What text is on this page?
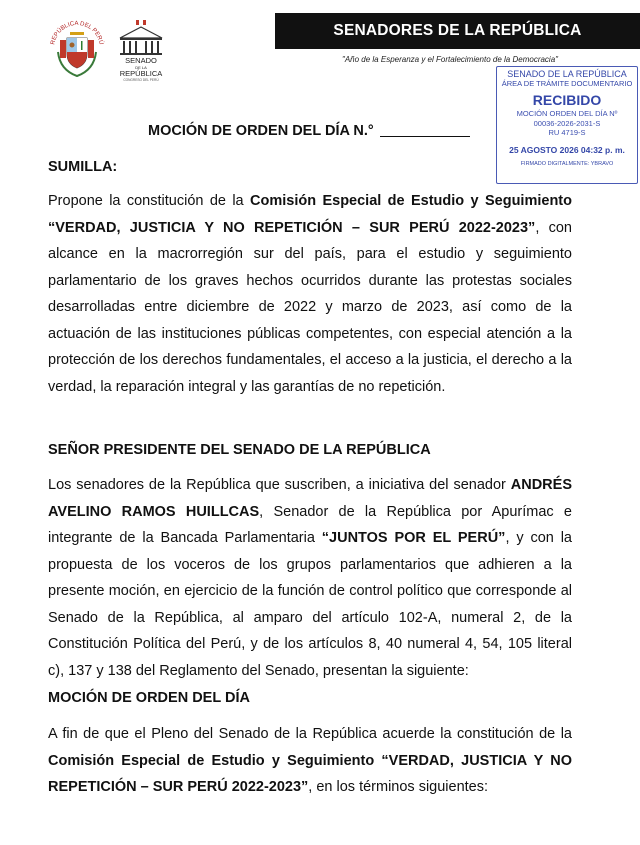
REPÚBLICA DEL PERÚ
SENADO
DE LA
REPÚBLICA
CONGRESO DEL PERÚ
SENADORES DE LA REPÚBLICA
"Año de la Esperanza y el Fortalecimiento de la Democracia"
SENADO DE LA REPÚBLICA
ÁREA DE TRÁMITE DOCUMENTARIO
RECIBIDO
MOCIÓN ORDEN DEL DÍA Nº
00036-2026-2031-S
RU 4719-S
25 AGOSTO 2026 04:32 p. m.
FIRMADO DIGITALMENTE: YBRAVO
MOCIÓN DE ORDEN DEL DÍA N.°
SUMILLA:
Propone la constitución de la Comisión Especial de Estudio y Seguimiento “VERDAD, JUSTICIA Y NO REPETICIÓN – SUR PERÚ 2022-2023”, con alcance en la macrorregión sur del país, para el estudio y seguimiento parlamentario de los graves hechos ocurridos durante las protestas sociales desarrolladas entre diciembre de 2022 y marzo de 2023, así como de la actuación de las instituciones públicas competentes, con especial atención a la protección de los derechos fundamentales, el acceso a la justicia, el derecho a la verdad, la reparación integral y las garantías de no repetición.
SEÑOR PRESIDENTE DEL SENADO DE LA REPÚBLICA
Los senadores de la República que suscriben, a iniciativa del senador ANDRÉS AVELINO RAMOS HUILLCAS, Senador de la República por Apurímac e integrante de la Bancada Parlamentaria “JUNTOS POR EL PERÚ”, y con la propuesta de los voceros de los grupos parlamentarios que adhieren a la presente moción, en ejercicio de la función de control político que corresponde al Senado de la República, al amparo del artículo 102-A, numeral 2, de la Constitución Política del Perú, y de los artículos 8, 40 numeral 4, 54, 105 literal c), 137 y 138 del Reglamento del Senado, presentan la siguiente:
MOCIÓN DE ORDEN DEL DÍA
A fin de que el Pleno del Senado de la República acuerde la constitución de la Comisión Especial de Estudio y Seguimiento “VERDAD, JUSTICIA Y NO REPETICIÓN – SUR PERÚ 2022-2023”, en los términos siguientes:
